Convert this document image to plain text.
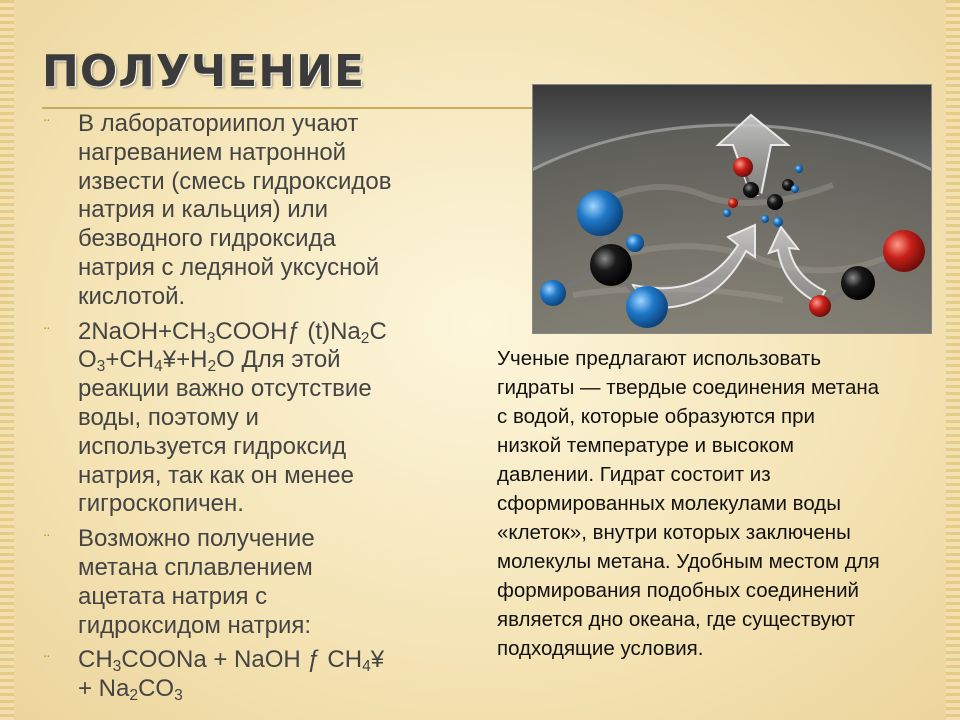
ПОЛУЧЕНИЕ
¨ В лабораториипол учают
нагреванием натронной
извести (смесь гидроксидов
натрия и кальция) или
безводного гидроксида
натрия с ледяной уксусной
кислотой.
¨ $2NaOH+CH_3COOHƒ$ $(t)Na_2C$
$O_3+CH_4¥+H_2O$ Для этой
реакции важно отсутствие
воды, поэтому и
используется гидроксид
натрия, так как он менее
гигроскопичен.
¨ Возможно получение
метана сплавлением
ацетата натрия с
гидроксидом натрия:
¨ $CH_3COONa$ + NaOH ƒ $CH_4¥$
+ $Na_2CO_3$

Ученые предлагают использовать
гидраты — твердые соединения метана
с водой, которые образуются при
низкой температуре и высоком
давлении. Гидрат состоит из
сформированных молекулами воды
«клеток», внутри которых заключены
молекулы метана. Удобным местом для
формирования подобных соединений
является дно океана, где существуют
подходящие условия.
